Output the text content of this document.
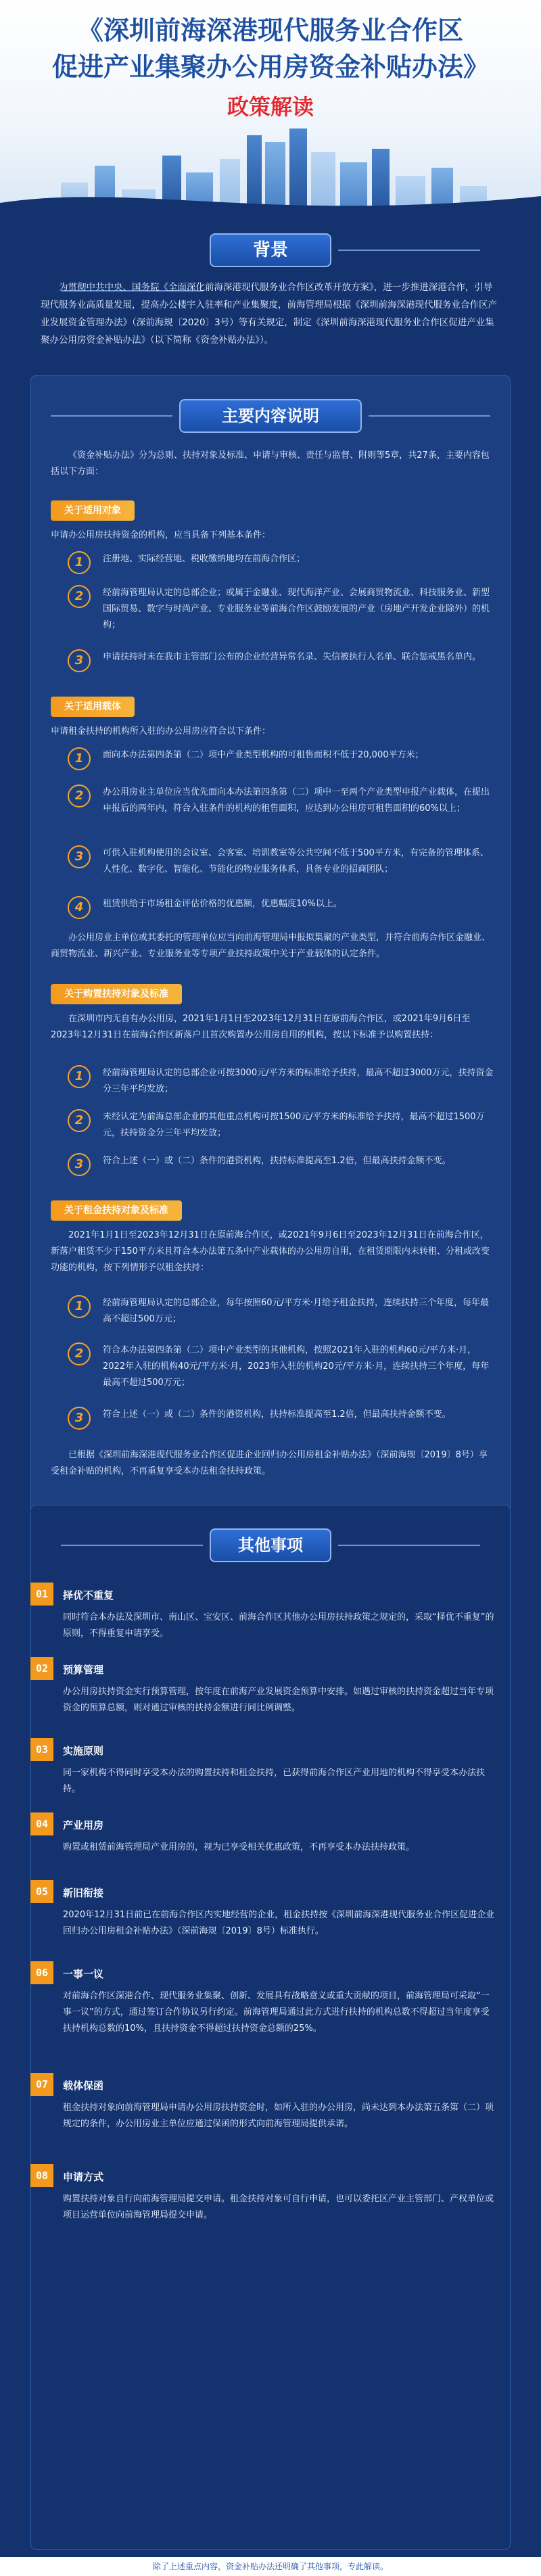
《深圳前海深港现代服务业合作区
促进产业集聚办公用房资金补贴办法》
政策解读
背景
为贯彻中共中央、国务院《全面深化前海深港现代服务业合作区改革开放方案》，进一步推进深港合作，引导现代服务业高质量发展，提高办公楼宇入驻率和产业集聚度，前海管理局根据《深圳前海深港现代服务业合作区产业发展资金管理办法》（深前海规〔2020〕3号）等有关规定，制定《深圳前海深港现代服务业合作区促进产业集聚办公用房资金补贴办法》（以下简称《资金补贴办法》）。
主要内容说明
《资金补贴办法》分为总则、扶持对象及标准、申请与审核、责任与监督、附则等5章，共27条，主要内容包括以下方面：
关于适用对象
申请办公用房扶持资金的机构，应当具备下列基本条件：
1	注册地、实际经营地、税收缴纳地均在前海合作区；
2	经前海管理局认定的总部企业；或属于金融业、现代海洋产业、会展商贸物流业、科技服务业、新型国际贸易、数字与时尚产业、专业服务业等前海合作区鼓励发展的产业（房地产开发企业除外）的机构；
3	申请扶持时未在我市主管部门公布的企业经营异常名录、失信被执行人名单、联合惩戒黑名单内。
关于适用载体
申请租金扶持的机构所入驻的办公用房应符合以下条件：
1	面向本办法第四条第（二）项中产业类型机构的可租售面积不低于20,000平方米；
2	办公用房业主单位应当优先面向本办法第四条第（二）项中一至两个产业类型申报产业载体，在提出申报后的两年内，符合入驻条件的机构的租售面积，应达到办公用房可租售面积的60%以上；
3	可供入驻机构使用的会议室、会客室、培训教室等公共空间不低于500平方米，有完备的管理体系、人性化、数字化、智能化、节能化的物业服务体系，具备专业的招商团队；
4	租赁供给于市场租金评估价格的优惠额，优惠幅度10%以上。
办公用房业主单位或其委托的管理单位应当向前海管理局申报拟集聚的产业类型，并符合前海合作区金融业、商贸物流业、新兴产业、专业服务业等专项产业扶持政策中关于产业载体的认定条件。
关于购置扶持对象及标准
在深圳市内无自有办公用房，2021年1月1日至2023年12月31日在原前海合作区，或2021年9月6日至2023年12月31日在前海合作区新落户且首次购置办公用房自用的机构，按以下标准予以购置扶持：
1	经前海管理局认定的总部企业可按3000元/平方米的标准给予扶持，最高不超过3000万元，扶持资金分三年平均发放；
2	未经认定为前海总部企业的其他重点机构可按1500元/平方米的标准给予扶持，最高不超过1500万元，扶持资金分三年平均发放；
3	符合上述（一）或（二）条件的港资机构，扶持标准提高至1.2倍，但最高扶持金额不变。
关于租金扶持对象及标准
2021年1月1日至2023年12月31日在原前海合作区，或2021年9月6日至2023年12月31日在前海合作区，新落户租赁不少于150平方米且符合本办法第五条中产业载体的办公用房自用，在租赁期限内未转租、分租或改变功能的机构，按下列情形予以租金扶持：
1	经前海管理局认定的总部企业，每年按照60元/平方米·月给予租金扶持，连续扶持三个年度，每年最高不超过500万元；
2	符合本办法第四条第（二）项中产业类型的其他机构，按照2021年入驻的机构60元/平方米·月，2022年入驻的机构40元/平方米·月，2023年入驻的机构20元/平方米·月，连续扶持三个年度，每年最高不超过500万元；
3	符合上述（一）或（二）条件的港资机构，扶持标准提高至1.2倍，但最高扶持金额不变。
已根据《深圳前海深港现代服务业合作区促进企业回归办公用房租金补贴办法》（深前海规〔2019〕8号）享受租金补贴的机构，不再重复享受本办法租金扶持政策。
其他事项
01	择优不重复
同时符合本办法及深圳市、南山区、宝安区、前海合作区其他办公用房扶持政策之规定的，采取“择优不重复”的原则，不得重复申请享受。
02	预算管理
办公用房扶持资金实行预算管理，按年度在前海产业发展资金预算中安排。如遇过审核的扶持资金超过当年专项资金的预算总额，则对通过审核的扶持金额进行同比例调整。
03	实施原则
同一家机构不得同时享受本办法的购置扶持和租金扶持，已获得前海合作区产业用地的机构不得享受本办法扶持。
04	产业用房
购置或租赁前海管理局产业用房的，视为已享受相关优惠政策，不再享受本办法扶持政策。
05	新旧衔接
2020年12月31日前已在前海合作区内实地经营的企业，租金扶持按《深圳前海深港现代服务业合作区促进企业回归办公用房租金补贴办法》（深前海规〔2019〕8号）标准执行。
06	一事一议
对前海合作区深港合作、现代服务业集聚、创新、发展具有战略意义或重大贡献的项目，前海管理局可采取“一事一议”的方式，通过签订合作协议另行约定。前海管理局通过此方式进行扶持的机构总数不得超过当年度享受扶持机构总数的10%，且扶持资金不得超过扶持资金总额的25%。
07	载体保函
租金扶持对象向前海管理局申请办公用房扶持资金时，如所入驻的办公用房，尚未达到本办法第五条第（二）项规定的条件，办公用房业主单位应通过保函的形式向前海管理局提供承诺。
08	申请方式
购置扶持对象自行向前海管理局提交申请。租金扶持对象可自行申请，也可以委托区产业主管部门、产权单位或项目运营单位向前海管理局提交申请。
除了上述重点内容，资金补贴办法还明确了其他事项，专此解读。
